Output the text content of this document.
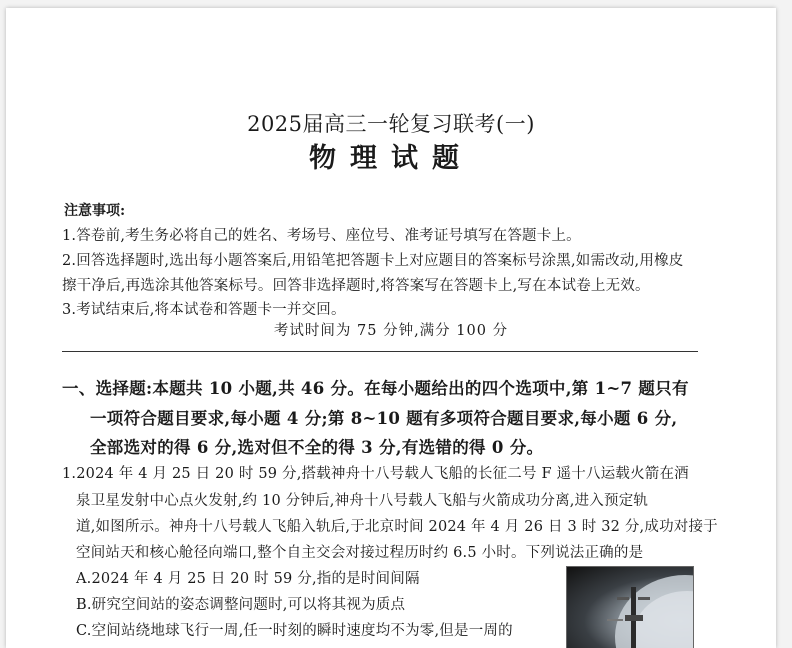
2025届高三一轮复习联考(一)
物理试题
注意事项:
1.答卷前,考生务必将自己的姓名、考场号、座位号、准考证号填写在答题卡上。
2.回答选择题时,选出每小题答案后,用铅笔把答题卡上对应题目的答案标号涂黑,如需改动,用橡皮
擦干净后,再选涂其他答案标号。回答非选择题时,将答案写在答题卡上,写在本试卷上无效。
3.考试结束后,将本试卷和答题卡一并交回。
考试时间为 75 分钟,满分 100 分
一、选择题:本题共 10 小题,共 46 分。在每小题给出的四个选项中,第 1~7 题只有
一项符合题目要求,每小题 4 分;第 8~10 题有多项符合题目要求,每小题 6 分,
全部选对的得 6 分,选对但不全的得 3 分,有选错的得 0 分。
1.2024 年 4 月 25 日 20 时 59 分,搭载神舟十八号载人飞船的长征二号 F 遥十八运载火箭在酒
泉卫星发射中心点火发射,约 10 分钟后,神舟十八号载人飞船与火箭成功分离,进入预定轨
道,如图所示。神舟十八号载人飞船入轨后,于北京时间 2024 年 4 月 26 日 3 时 32 分,成功对接于
空间站天和核心舱径向端口,整个自主交会对接过程历时约 6.5 小时。下列说法正确的是
A.2024 年 4 月 25 日 20 时 59 分,指的是时间间隔
B.研究空间站的姿态调整问题时,可以将其视为质点
C.空间站绕地球飞行一周,任一时刻的瞬时速度均不为零,但是一周的
